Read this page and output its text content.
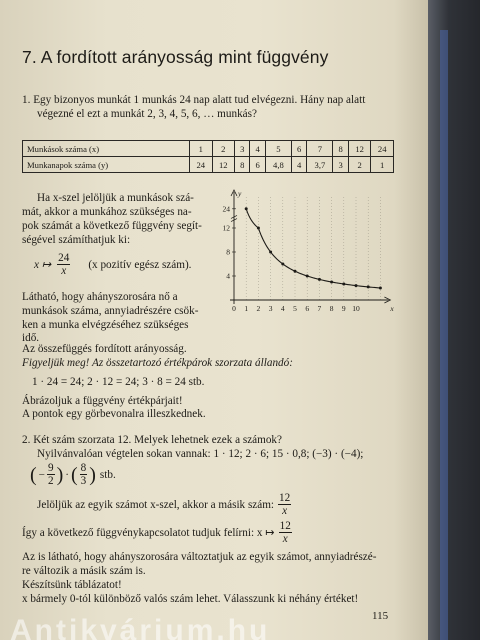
7. A fordított arányosság mint függvény
1. Egy bizonyos munkát 1 munkás 24 nap alatt tud elvégezni. Hány nap alatt
végezné el ezt a munkát 2, 3, 4, 5, 6, … munkás?
Munkások száma (x)	1	2	3	4	5	6	7	8	12	24
Munkanapok száma (y)	24	12	8	6	4,8	4	3,7	3	2	1
Ha x-szel jelöljük a munkások szá-
mát, akkor a munkához szükséges na-
pok számát a következő függvény segít-
ségével számíthatjuk ki:
x ↦ $\frac{24}{x} (x$ pozitív egész szám).
Látható, hogy ahányszorosára nő a
munkások száma, annyiadrészére csök-
ken a munka elvégzéséhez szükséges
idő.
Az összefüggés fordított arányosság.
Figyeljük meg! Az összetartozó értékpárok szorzata állandó:
1 · 24 = 24; 2 · 12 = 24; 3 · 8 = 24 stb.
Ábrázoljuk a függvény értékpárjait!
A pontok egy görbevonalra illeszkednek.
0 1 2 3 4 5 6 7 8 9 10	x
y
4
8
12
24
2. Két szám szorzata 12. Melyek lehetnek ezek a számok?
Nyilvánvalóan végtelen sokan vannak: 1 · 12; 2 · 6; 15 · 0,8; (−3) · (−4);
( − $\frac{9}{2}$ ) · ( $\frac{8}{3}$ ) stb.
Jelöljük az egyik számot x-szel, akkor a másik szám: $\frac{12}{x}$
Így a következő függvénykapcsolatot tudjuk felírni: x ↦ $\frac{12}{x}$
Az is látható, hogy ahányszorosára változtatjuk az egyik számot, annyiadrészé-
re változik a másik szám is.
Készítsünk táblázatot!
x bármely 0-tól különböző valós szám lehet. Válasszunk ki néhány értéket!
115
Antikvárium.hu
